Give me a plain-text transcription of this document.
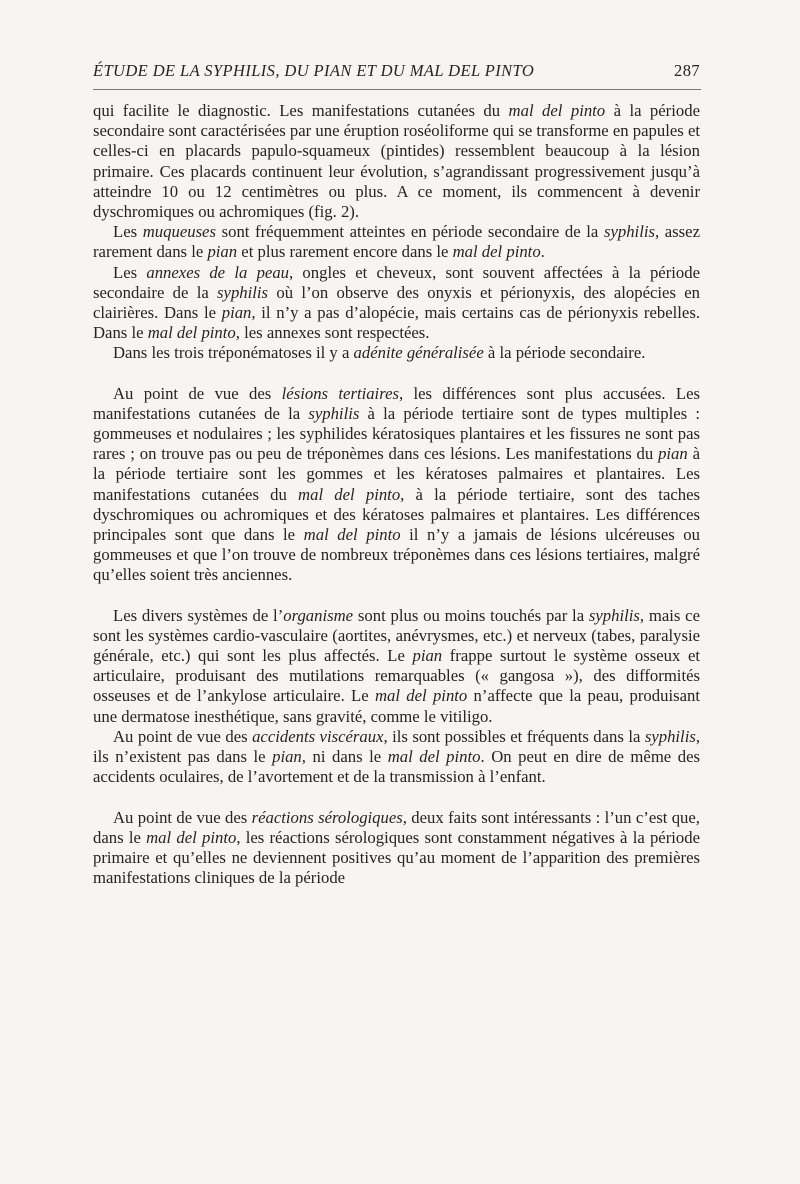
ÉTUDE DE LA SYPHILIS, DU PIAN ET DU MAL DEL PINTO	287

qui facilite le diagnostic. Les manifestations cutanées du mal del pinto à la période secondaire sont caractérisées par une éruption roséoliforme qui se transforme en papules et celles-ci en placards papulo-squameux (pintides) ressemblent beaucoup à la lésion primaire. Ces placards continuent leur évolution, s’agrandissant progressivement jusqu’à atteindre 10 ou 12 centimètres ou plus. A ce moment, ils commencent à devenir dyschromiques ou achromiques (fig. 2).

Les muqueuses sont fréquemment atteintes en période secondaire de la syphilis, assez rarement dans le pian et plus rarement encore dans le mal del pinto.

Les annexes de la peau, ongles et cheveux, sont souvent affectées à la période secondaire de la syphilis où l’on observe des onyxis et périonyxis, des alopécies en clairières. Dans le pian, il n’y a pas d’alopécie, mais certains cas de périonyxis rebelles. Dans le mal del pinto, les annexes sont respectées.

Dans les trois tréponématoses il y a adénite généralisée à la période secondaire.

Au point de vue des lésions tertiaires, les différences sont plus accusées. Les manifestations cutanées de la syphilis à la période tertiaire sont de types multiples : gommeuses et nodulaires ; les syphilides kératosiques plantaires et les fissures ne sont pas rares ; on trouve pas ou peu de tréponèmes dans ces lésions. Les manifestations du pian à la période tertiaire sont les gommes et les kératoses palmaires et plantaires. Les manifestations cutanées du mal del pinto, à la période tertiaire, sont des taches dyschromiques ou achromiques et des kératoses palmaires et plantaires. Les différences principales sont que dans le mal del pinto il n’y a jamais de lésions ulcéreuses ou gommeuses et que l’on trouve de nombreux tréponèmes dans ces lésions tertiaires, malgré qu’elles soient très anciennes.

Les divers systèmes de l’organisme sont plus ou moins touchés par la syphilis, mais ce sont les systèmes cardio-vasculaire (aortites, anévrysmes, etc.) et nerveux (tabes, paralysie générale, etc.) qui sont les plus affectés. Le pian frappe surtout le système osseux et articulaire, produisant des mutilations remarquables (« gangosa »), des difformités osseuses et de l’ankylose articulaire. Le mal del pinto n’affecte que la peau, produisant une dermatose inesthétique, sans gravité, comme le vitiligo.

Au point de vue des accidents viscéraux, ils sont possibles et fréquents dans la syphilis, ils n’existent pas dans le pian, ni dans le mal del pinto. On peut en dire de même des accidents oculaires, de l’avortement et de la transmission à l’enfant.

Au point de vue des réactions sérologiques, deux faits sont intéressants : l’un c’est que, dans le mal del pinto, les réactions sérologiques sont constamment négatives à la période primaire et qu’elles ne deviennent positives qu’au moment de l’apparition des premières manifestations cliniques de la période
